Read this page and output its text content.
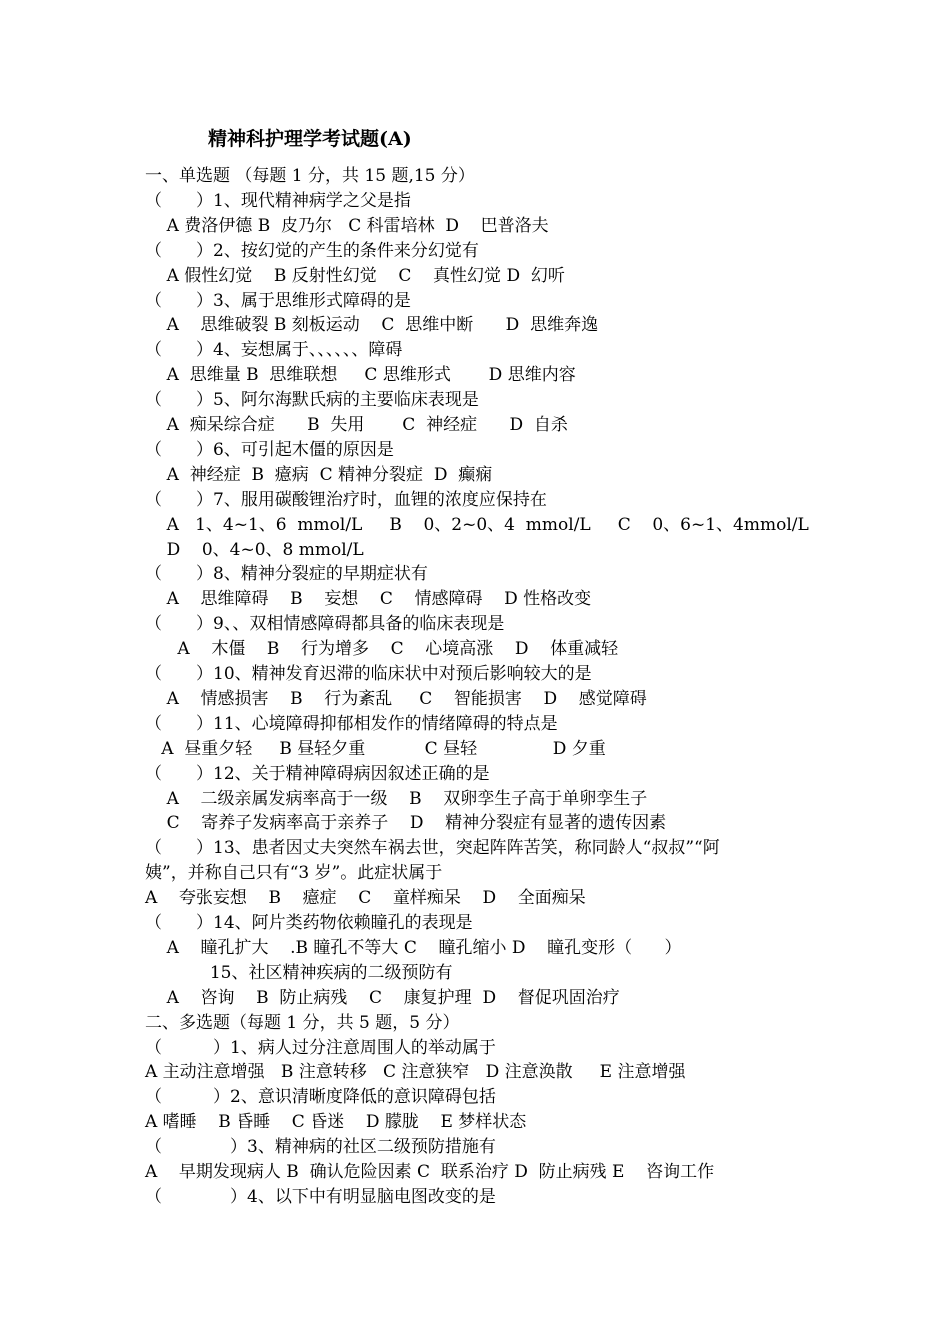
精神科护理学考试题(A)
一、单选题 （每题 1 分，共 15 题,15 分）
（　　）1、现代精神病学之父是指
A 费洛伊德 B  皮乃尔   C 科雷培林  D    巴普洛夫
（　　）2、按幻觉的产生的条件来分幻觉有
A 假性幻觉    B 反射性幻觉    C    真性幻觉 D  幻听
（　　）3、属于思维形式障碍的是
A    思维破裂 B 刻板运动    C  思维中断      D  思维奔逸
（　　）4、妄想属于、、、、、、障碍
A  思维量 B  思维联想     C 思维形式       D 思维内容
（　　）5、阿尔海默氏病的主要临床表现是
A  痴呆综合症      B  失用       C  神经症      D  自杀
（　　）6、可引起木僵的原因是
A  神经症  B  癔病  C 精神分裂症  D  癫痫
（　　）7、服用碳酸锂治疗时，血锂的浓度应保持在
A   1、4~1、6  mmol/L     B    0、2~0、4  mmol/L     C    0、6~1、4mmol/L
D    0、4~0、8 mmol/L
（　　）8、精神分裂症的早期症状有
A    思维障碍    B    妄想    C    情感障碍    D 性格改变
（　　）9、、双相情感障碍都具备的临床表现是
A    木僵    B    行为增多    C    心境高涨    D    体重减轻
（　　）10、精神发育迟滞的临床状中对预后影响较大的是
A    情感损害    B    行为紊乱     C    智能损害    D    感觉障碍
（　　）11、心境障碍抑郁相发作的情绪障碍的特点是
A  昼重夕轻     B 昼轻夕重           C 昼轻              D 夕重
（　　）12、关于精神障碍病因叙述正确的是
A    二级亲属发病率高于一级    B    双卵孪生子高于单卵孪生子
C    寄养子发病率高于亲养子    D    精神分裂症有显著的遗传因素
（　　）13、患者因丈夫突然车祸去世，突起阵阵苦笑，称同龄人“叔叔”“阿
姨”，并称自己只有“3 岁”。此症状属于
A    夸张妄想    B    癔症    C    童样痴呆    D    全面痴呆
（　　）14、阿片类药物依赖瞳孔的表现是
A    瞳孔扩大    .B 瞳孔不等大 C    瞳孔缩小 D    瞳孔变形（      ）
15、社区精神疾病的二级预防有
A    咨询    B  防止病残    C    康复护理  D    督促巩固治疗
二、多选题（每题 1 分，共 5 题，5 分）
（　　　）1、病人过分注意周围人的举动属于
A 主动注意增强   B 注意转移   C 注意狭窄   D 注意涣散     E 注意增强
（　　　）2、意识清晰度降低的意识障碍包括
A 嗜睡    B 昏睡    C 昏迷    D 朦胧    E 梦样状态
（　　　　）3、精神病的社区二级预防措施有
A    早期发现病人 B  确认危险因素 C  联系治疗 D  防止病残 E    咨询工作
（　　　　）4、以下中有明显脑电图改变的是
